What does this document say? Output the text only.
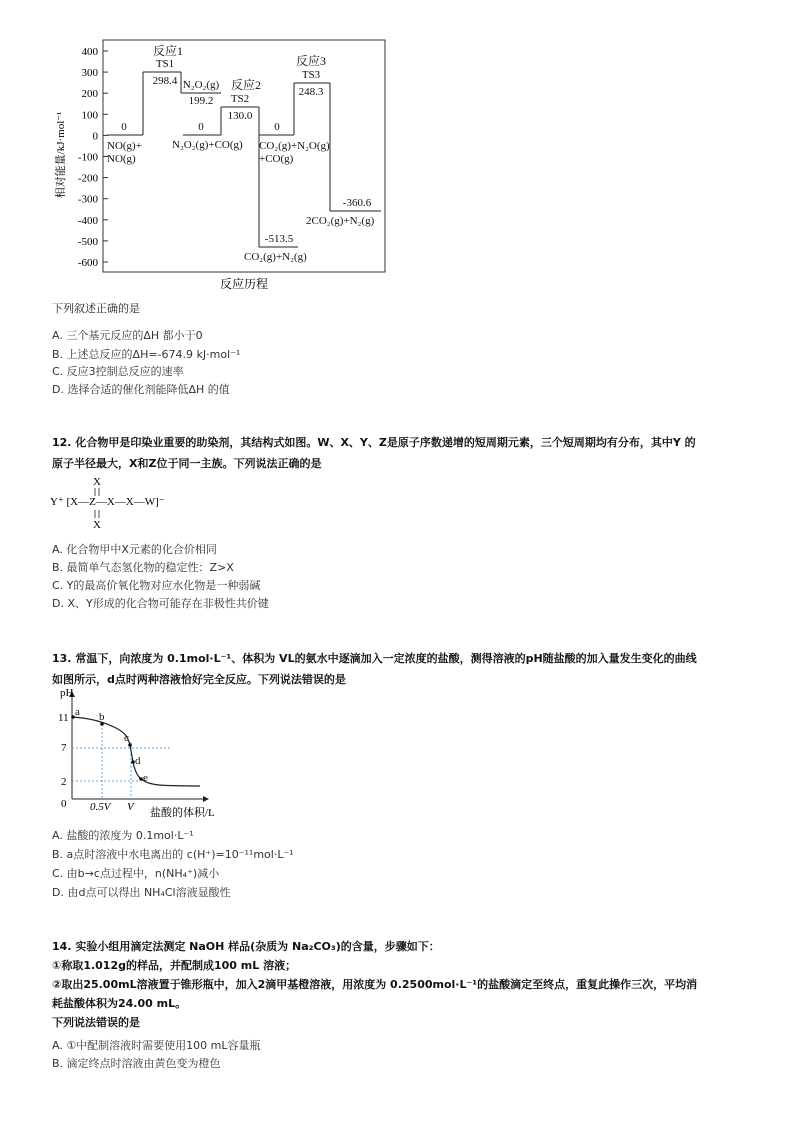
400
300
200
100
0
-100
-200
-300
-400
-500
-600
相对能量/kJ·mol⁻¹
反应历程
0
NO(g)+
NO(g)
反应1
TS1
298.4 N₂O₂(g)
199.2
反应2
TS2
130.0
0
N₂O₂(g)+CO(g)
0
CO₂(g)+N₂O(g)
+CO(g)
反应3
TS3
248.3
-360.6
2CO₂(g)+N₂(g)
-513.5
CO₂(g)+N₂(g)
下列叙述正确的是
A. 三个基元反应的ΔH 都小于0
B. 上述总反应的ΔH=-674.9 kJ·mol⁻¹
C. 反应3控制总反应的速率
D. 选择合适的催化剂能降低ΔH 的值
12. 化合物甲是印染业重要的助染剂，其结构式如图。W、X、Y、Z是原子序数递增的短周期元素，三个短周期均有分布，其中Y 的
原子半径最大，X和Z位于同一主族。下列说法正确的是
X
Y⁺ [X—Z—X—X—W]⁻
X
A. 化合物甲中X元素的化合价相同
B. 最简单气态氢化物的稳定性：Z>X
C. Y的最高价氧化物对应水化物是一种弱碱
D. X、Y形成的化合物可能存在非极性共价键
13. 常温下，向浓度为 0.1mol·L⁻¹、体积为 VL的氨水中逐滴加入一定浓度的盐酸，测得溶液的pH随盐酸的加入量发生变化的曲线
如图所示，d点时两种溶液恰好完全反应。下列说法错误的是
pH
盐酸的体积/L
11
7
2
0 0.5V V
a b
c
d
e
A. 盐酸的浓度为 0.1mol·L⁻¹
B. a点时溶液中水电离出的 c(H⁺)=10⁻¹¹mol·L⁻¹
C. 由b→c点过程中，n(NH₄⁺)减小
D. 由d点可以得出 NH₄Cl溶液显酸性
14. 实验小组用滴定法测定 NaOH 样品(杂质为 Na₂CO₃)的含量，步骤如下：
①称取1.012g的样品，并配制成100 mL 溶液；
②取出25.00mL溶液置于锥形瓶中，加入2滴甲基橙溶液，用浓度为 0.2500mol·L⁻¹的盐酸滴定至终点，重复此操作三次，平均消
耗盐酸体积为24.00 mL。
下列说法错误的是
A. ①中配制溶液时需要使用100 mL容量瓶
B. 滴定终点时溶液由黄色变为橙色
